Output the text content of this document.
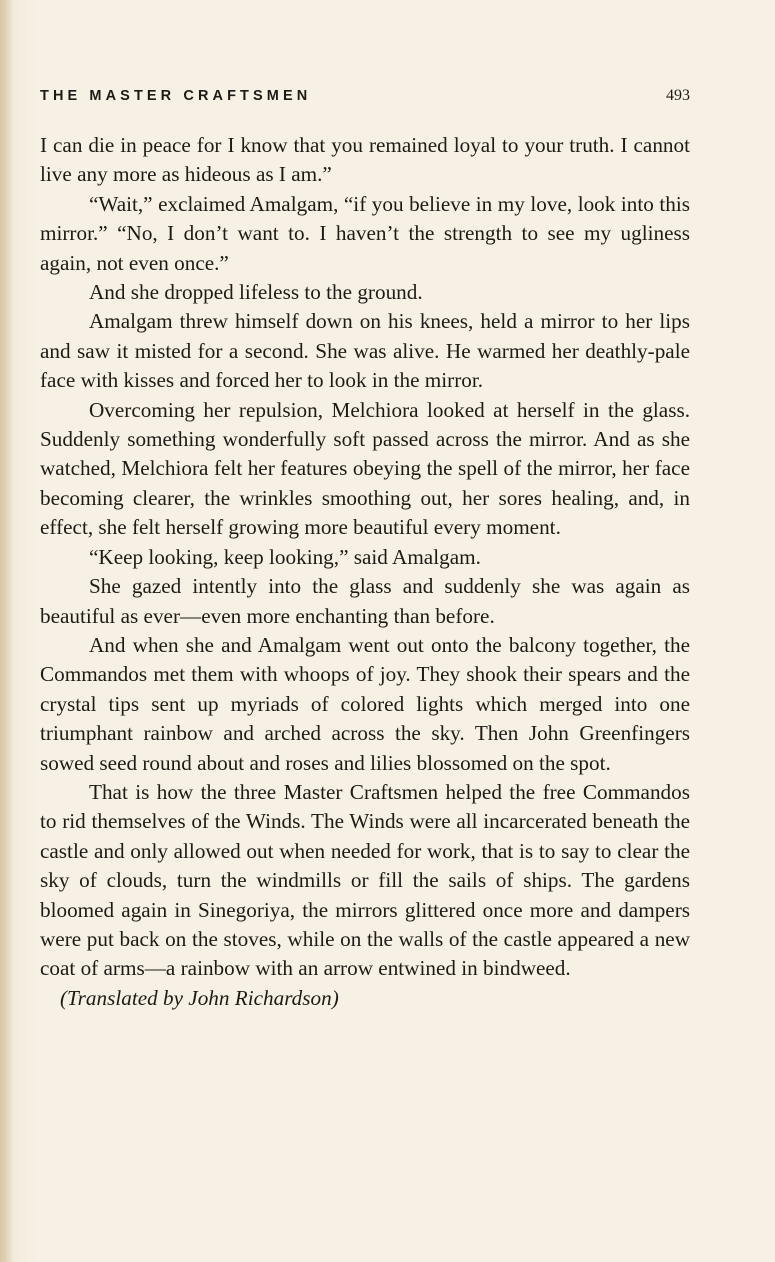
THE MASTER CRAFTSMEN	493

I can die in peace for I know that you remained loyal to your truth. I cannot live any more as hideous as I am.”

“Wait,” exclaimed Amalgam, “if you believe in my love, look into this mirror.” “No, I don’t want to. I haven’t the strength to see my ugliness again, not even once.”

And she dropped lifeless to the ground.

Amalgam threw himself down on his knees, held a mirror to her lips and saw it misted for a second. She was alive. He warmed her deathly-pale face with kisses and forced her to look in the mirror.

Overcoming her repulsion, Melchiora looked at herself in the glass. Suddenly something wonderfully soft passed across the mirror. And as she watched, Melchiora felt her features obeying the spell of the mirror, her face becoming clearer, the wrinkles smoothing out, her sores healing, and, in effect, she felt herself growing more beautiful every moment.

“Keep looking, keep looking,” said Amalgam.

She gazed intently into the glass and suddenly she was again as beautiful as ever—even more enchanting than before.

And when she and Amalgam went out onto the balcony together, the Commandos met them with whoops of joy. They shook their spears and the crystal tips sent up myriads of colored lights which merged into one triumphant rainbow and arched across the sky. Then John Greenfingers sowed seed round about and roses and lilies blossomed on the spot.

That is how the three Master Craftsmen helped the free Commandos to rid themselves of the Winds. The Winds were all incarcerated beneath the castle and only allowed out when needed for work, that is to say to clear the sky of clouds, turn the windmills or fill the sails of ships. The gardens bloomed again in Sinegoriya, the mirrors glittered once more and dampers were put back on the stoves, while on the walls of the castle appeared a new coat of arms—a rainbow with an arrow entwined in bindweed.

(Translated by John Richardson)
